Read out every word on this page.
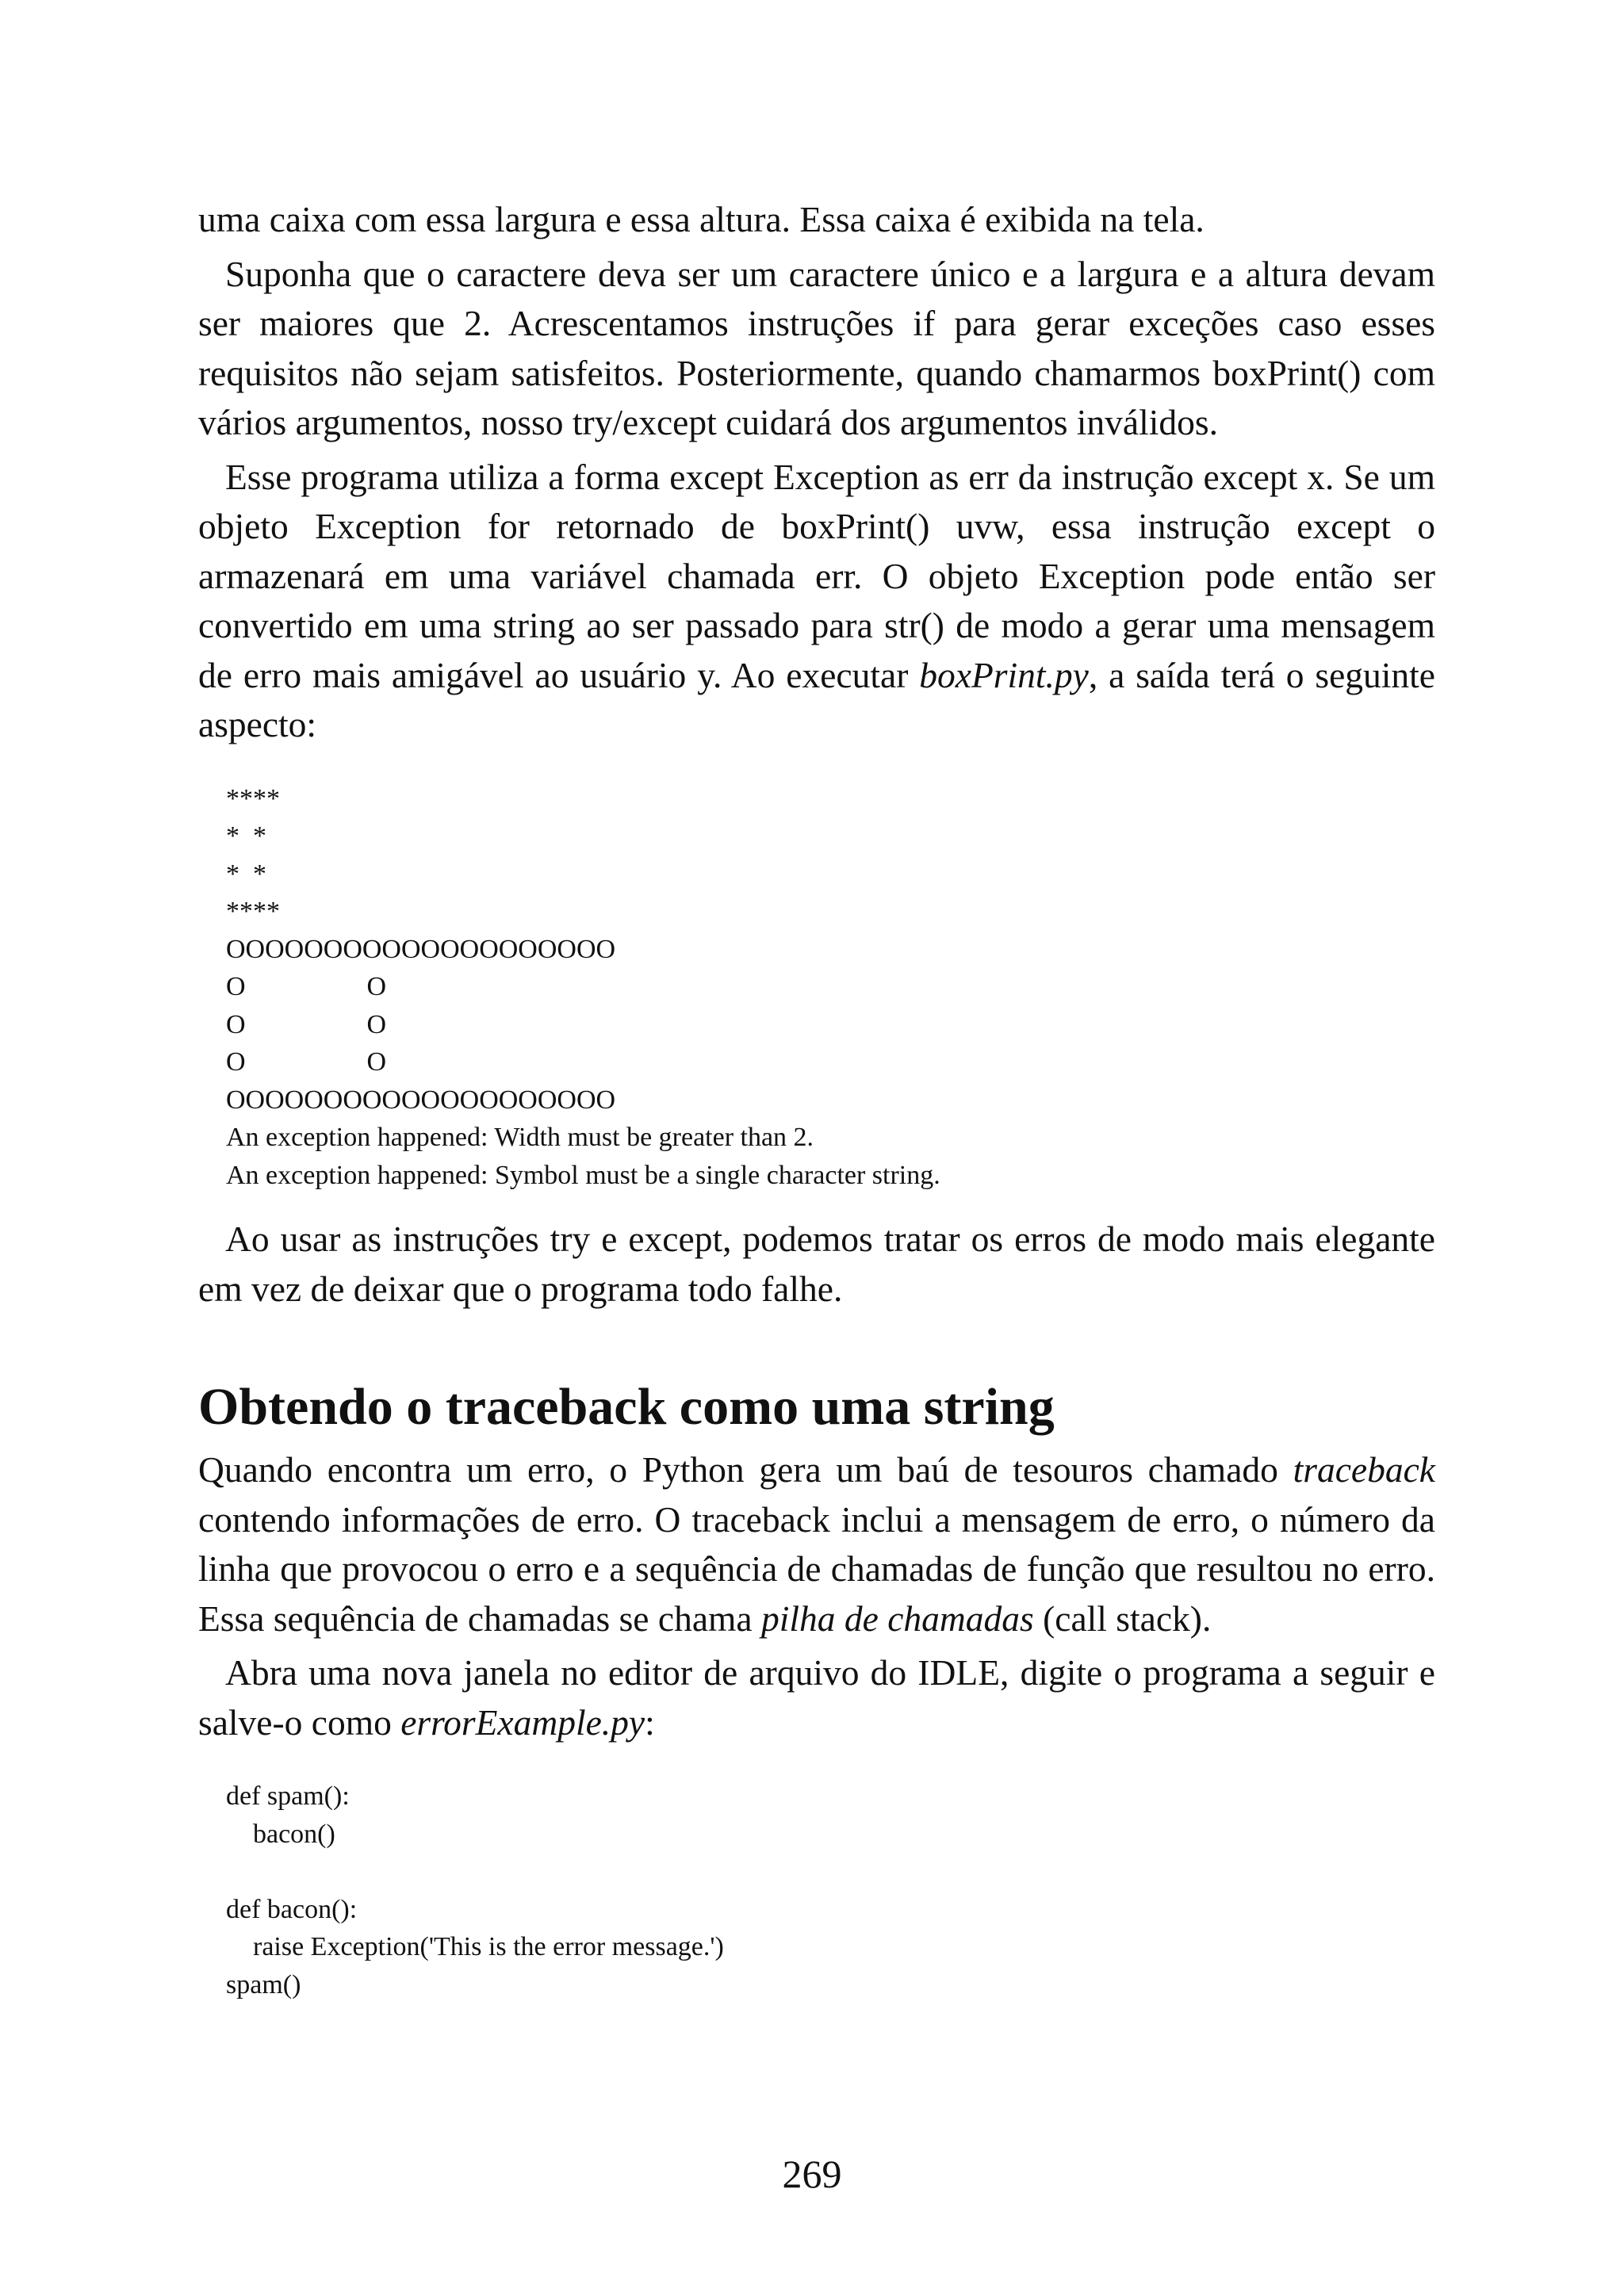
uma caixa com essa largura e essa altura. Essa caixa é exibida na tela.

Suponha que o caractere deva ser um caractere único e a largura e a altura devam ser maiores que 2. Acrescentamos instruções if para gerar exceções caso esses requisitos não sejam satisfeitos. Posteriormente, quando chamarmos boxPrint() com vários argumentos, nosso try/except cuidará dos argumentos inválidos.

Esse programa utiliza a forma except Exception as err da instrução except x. Se um objeto Exception for retornado de boxPrint() uvw, essa instrução except o armazenará em uma variável chamada err. O objeto Exception pode então ser convertido em uma string ao ser passado para str() de modo a gerar uma mensagem de erro mais amigável ao usuário y. Ao executar boxPrint.py, a saída terá o seguinte aspecto:

****
*  *
*  *
****
OOOOOOOOOOOOOOOOOOOO
O                  O
O                  O
O                  O
OOOOOOOOOOOOOOOOOOOO
An exception happened: Width must be greater than 2.
An exception happened: Symbol must be a single character string.

Ao usar as instruções try e except, podemos tratar os erros de modo mais elegante em vez de deixar que o programa todo falhe.

Obtendo o traceback como uma string

Quando encontra um erro, o Python gera um baú de tesouros chamado traceback contendo informações de erro. O traceback inclui a mensagem de erro, o número da linha que provocou o erro e a sequência de chamadas de função que resultou no erro. Essa sequência de chamadas se chama pilha de chamadas (call stack).

Abra uma nova janela no editor de arquivo do IDLE, digite o programa a seguir e salve-o como errorExample.py:

def spam():
bacon()
def bacon():
raise Exception('This is the error message.')
spam()
269
